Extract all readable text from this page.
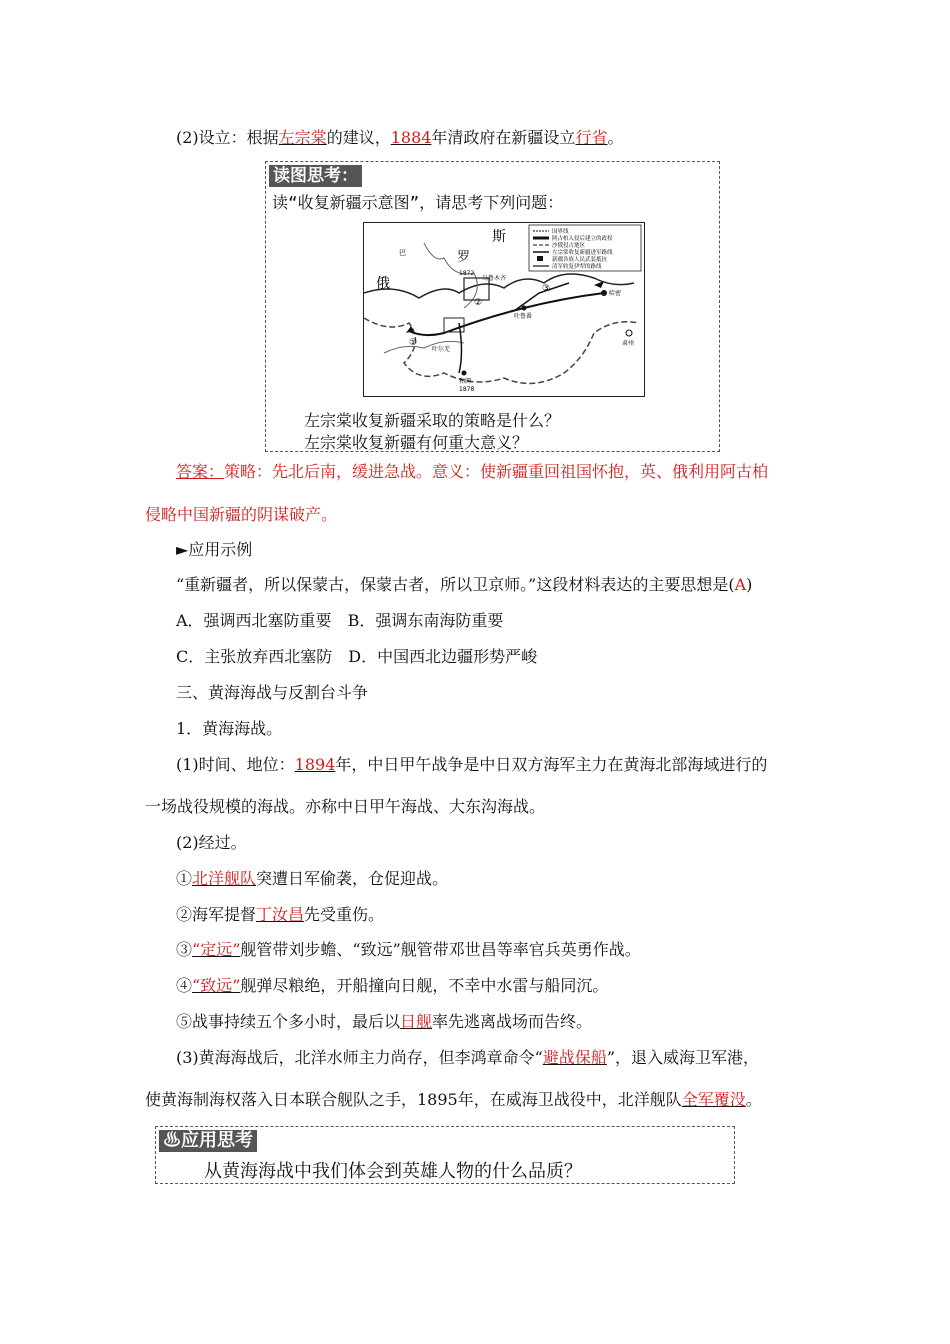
(2)设立：根据左宗棠的建议，1884年清政府在新疆设立行省。
读图思考：
读“收复新疆示意图”，请思考下列问题：
国界线
阿古柏入侵后建立的政权
沙俄侵占地区
左宗棠收复新疆进军路线
新疆各族人民武装抵抗
清军收复伊犁的路线
斯
罗
俄
巴
1872
乌鲁木齐
吐鲁番
哈密
肃州
叶尔羌
和阗
1878
①
②
③
左宗棠收复新疆采取的策略是什么？
左宗棠收复新疆有何重大意义？
答案：策略：先北后南，缓进急战。意义：使新疆重回祖国怀抱，英、俄利用阿古柏
侵略中国新疆的阴谋破产。
►应用示例
“重新疆者，所以保蒙古，保蒙古者，所以卫京师。”这段材料表达的主要思想是(A)
A．强调西北塞防重要 B．强调东南海防重要
C．主张放弃西北塞防 D．中国西北边疆形势严峻
三、黄海海战与反割台斗争
1．黄海海战。
(1)时间、地位：1894年，中日甲午战争是中日双方海军主力在黄海北部海域进行的
一场战役规模的海战。亦称中日甲午海战、大东沟海战。
(2)经过。
①北洋舰队突遭日军偷袭，仓促迎战。
②海军提督丁汝昌先受重伤。
③“定远”舰管带刘步蟾、“致远”舰管带邓世昌等率官兵英勇作战。
④“致远”舰弹尽粮绝，开船撞向日舰，不幸中水雷与船同沉。
⑤战事持续五个多小时，最后以日舰率先逃离战场而告终。
(3)黄海海战后，北洋水师主力尚存，但李鸿章命令“避战保船”，退入威海卫军港，
使黄海制海权落入日本联合舰队之手，1895年，在威海卫战役中，北洋舰队全军覆没。
♨应用思考
从黄海海战中我们体会到英雄人物的什么品质？
